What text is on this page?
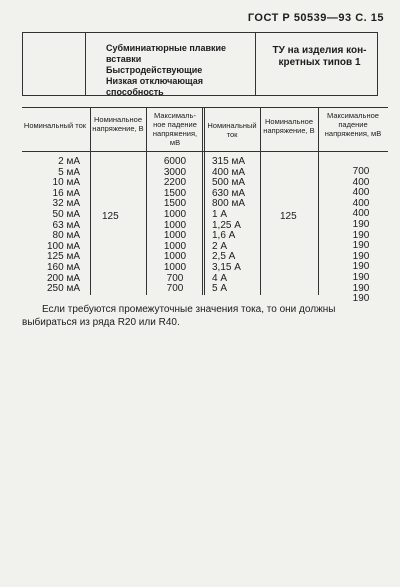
ГОСТ Р 50539—93 С. 15
Субминиатюрные плавкие вставки
Быстродействующие
Низкая отключающая способность
ТУ на изделия кон-
кретных типов 1
Номинальный ток
Номинальное напряжение, В
Максималь-ное падение напряжения, мВ
Номинальный ток
Номинальное напряжение, В
Максимальное падение напряжения, мВ
2 мА
5 мА
10 мА
16 мА
32 мА
50 мА
63 мА
80 мА
100 мА
125 мА
160 мА
200 мА
250 мА
125
6000
3000
2200
1500
1500
1000
1000
1000
1000
1000
1000
700
700
315 мА
400 мА
500 мА
630 мА
800 мА
1 А
1,25 А
1,6 А
2 А
2,5 А
3,15 А
4 А
5 А
125
700
400
400
400
400
190
190
190
190
190
190
190
190
Если требуются промежуточные значения тока, то они должны выбираться из ряда R20 или R40.
